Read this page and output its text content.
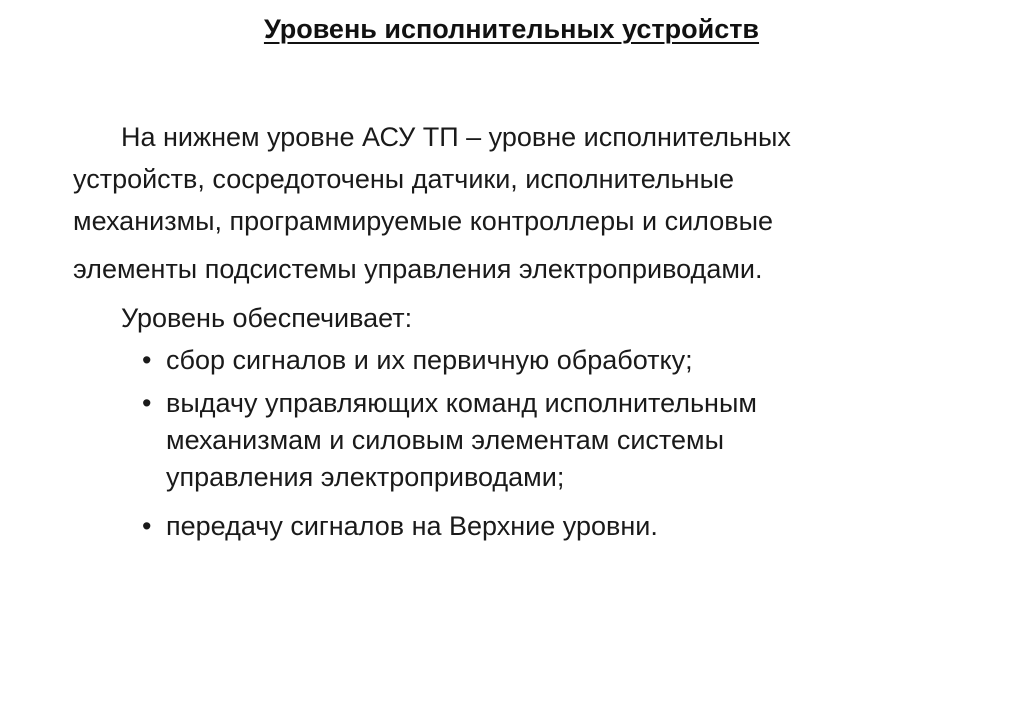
Уровень исполнительных устройств

На нижнем уровне АСУ ТП – уровне исполнительных
устройств, сосредоточены датчики, исполнительные
механизмы, программируемые контроллеры и силовые
элементы подсистемы управления электроприводами.

Уровень обеспечивает:

• сбор сигналов и их первичную обработку;
• выдачу управляющих команд исполнительным
механизмам и силовым элементам системы
управления электроприводами;
• передачу сигналов на Верхние уровни.
